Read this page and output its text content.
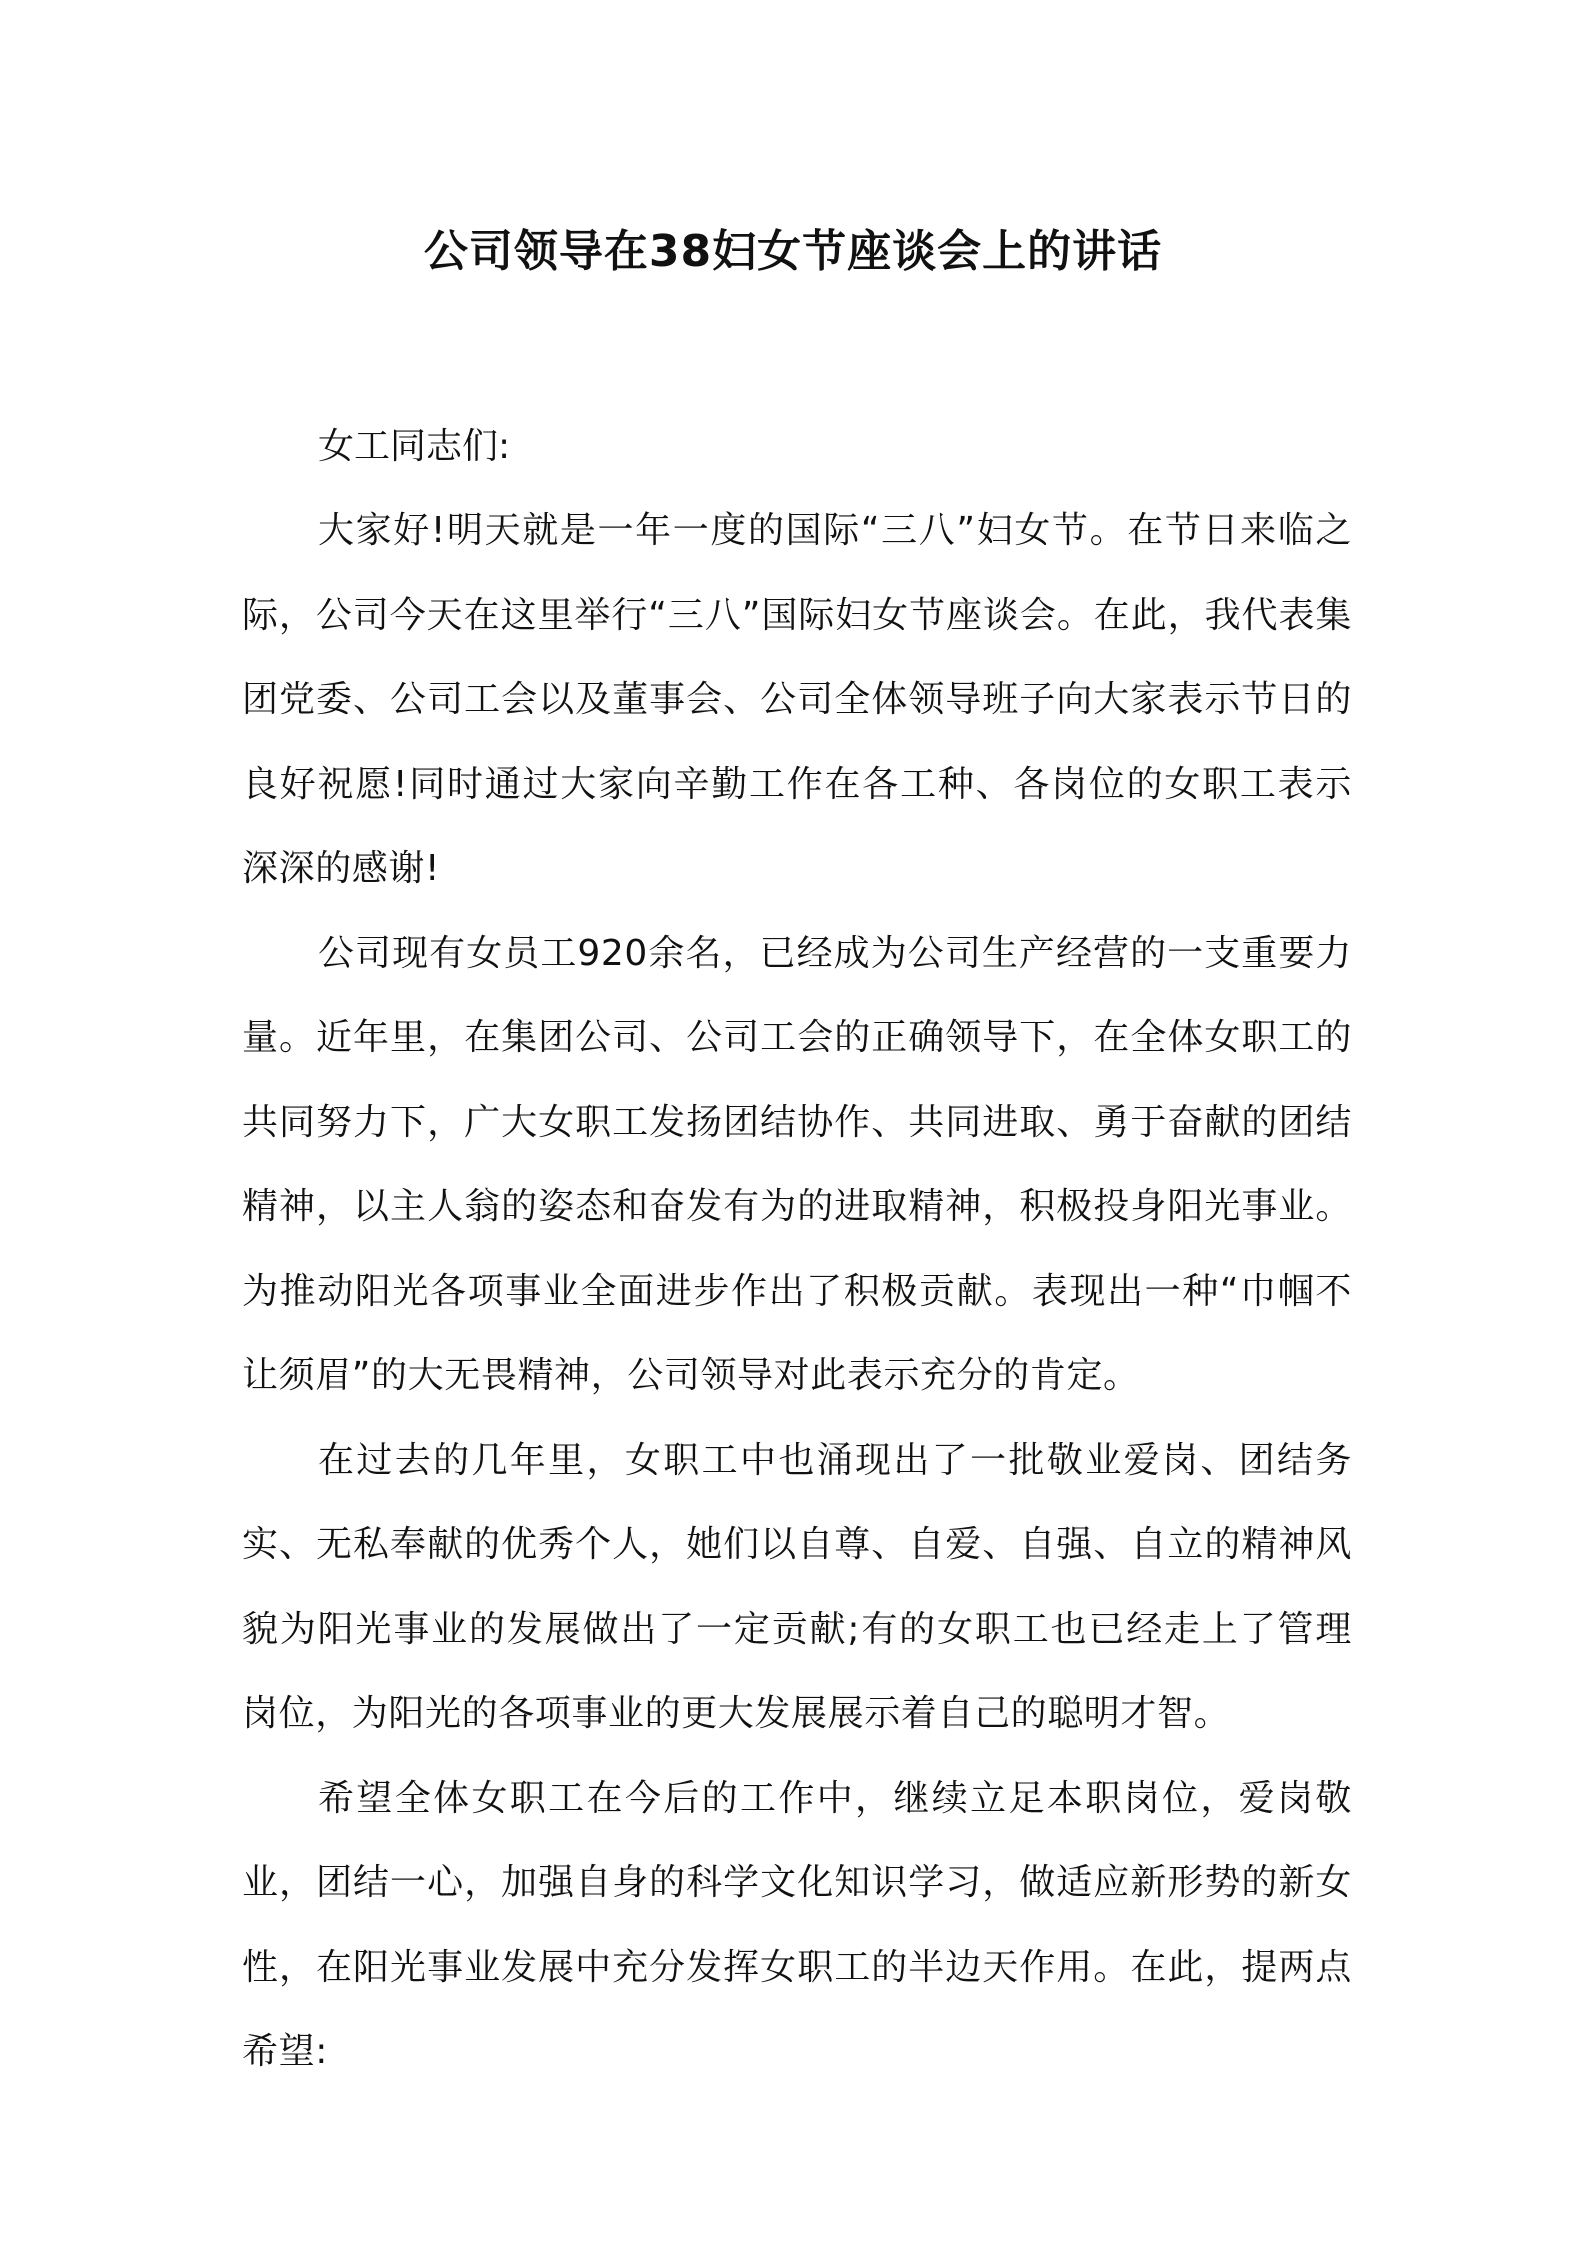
公司领导在38妇女节座谈会上的讲话

女工同志们:

大家好!明天就是一年一度的国际“三八”妇女节。在节日来临之际，公司今天在这里举行“三八”国际妇女节座谈会。在此，我代表集团党委、公司工会以及董事会、公司全体领导班子向大家表示节日的良好祝愿!同时通过大家向辛勤工作在各工种、各岗位的女职工表示深深的感谢!

公司现有女员工920余名，已经成为公司生产经营的一支重要力量。近年里，在集团公司、公司工会的正确领导下，在全体女职工的共同努力下，广大女职工发扬团结协作、共同进取、勇于奋献的团结精神，以主人翁的姿态和奋发有为的进取精神，积极投身阳光事业。为推动阳光各项事业全面进步作出了积极贡献。表现出一种“巾帼不让须眉”的大无畏精神，公司领导对此表示充分的肯定。

在过去的几年里，女职工中也涌现出了一批敬业爱岗、团结务实、无私奉献的优秀个人，她们以自尊、自爱、自强、自立的精神风貌为阳光事业的发展做出了一定贡献;有的女职工也已经走上了管理岗位，为阳光的各项事业的更大发展展示着自己的聪明才智。

希望全体女职工在今后的工作中，继续立足本职岗位，爱岗敬业，团结一心，加强自身的科学文化知识学习，做适应新形势的新女性，在阳光事业发展中充分发挥女职工的半边天作用。在此，提两点希望:
